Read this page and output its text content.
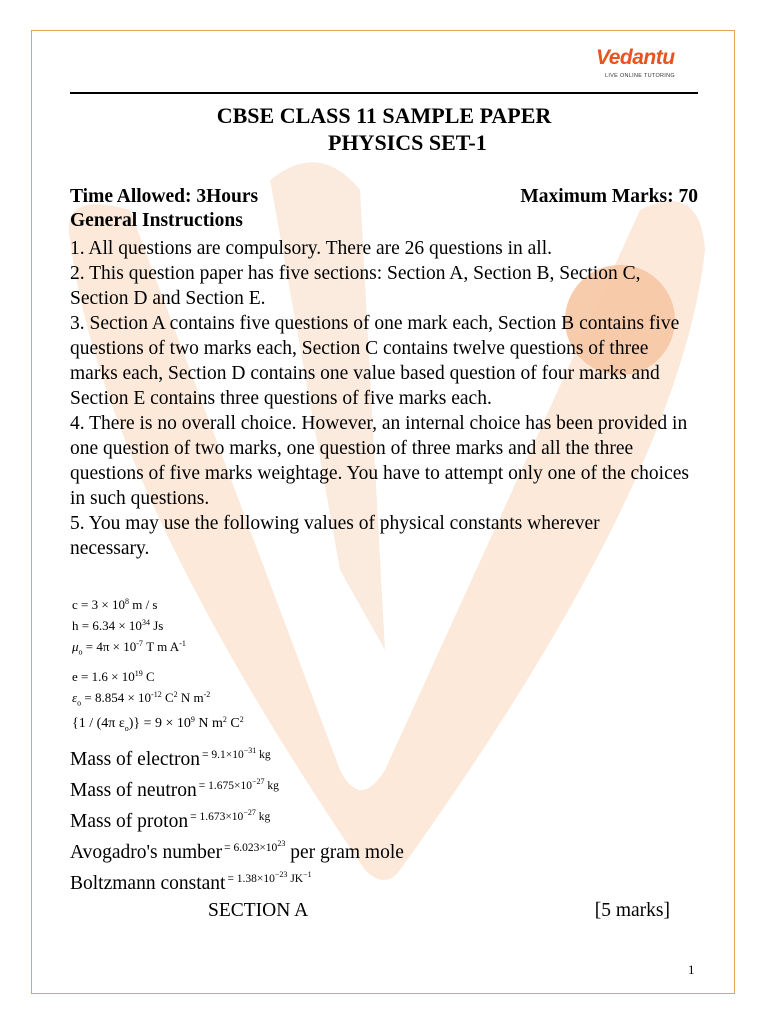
Vedantu
LIVE ONLINE TUTORING
CBSE CLASS 11 SAMPLE PAPER
PHYSICS SET-1
Time Allowed: 3Hours	Maximum Marks: 70
General Instructions

1. All questions are compulsory. There are 26 questions in all.

2. This question paper has five sections: Section A, Section B, Section C, Section D and Section E.

3. Section A contains five questions of one mark each, Section B contains five questions of two marks each, Section C contains twelve questions of three marks each, Section D contains one value based question of four marks and Section E contains three questions of five marks each.

4. There is no overall choice. However, an internal choice has been provided in one question of two marks, one question of three marks and all the three questions of five marks weightage. You have to attempt only one of the choices in such questions.

5. You may use the following values of physical constants wherever necessary.

$c = 3 \times 10^8$ m / s
$h = 6.34 \times 10^{34}$ Js
$\mu_o = 4\pi \times 10^{-7}$ T m $A^{-1}$
$e = 1.6 \times 10^{19}$ C
$\varepsilon_o = 8.854 \times 10^{-12}$ $C^2$ N $m^{-2}$
{1 / (4π $\varepsilon_o)\} = 9 \times 10^9$ N $m^2$ $C^2$
Mass of electron $^{= 9.1\times 10^{-31} kg}$
Mass of neutron $^{= 1.675\times 10^{-27} kg}$
Mass of proton $^{= 1.673\times 10^{-27} kg}$
Avogadro's number $^{= 6.023\times 10^{23}}$ per gram mole
Boltzmann constant $^{= 1.38\times 10^{-23} JK^{-1}}$
SECTION A	[5 marks]
1
